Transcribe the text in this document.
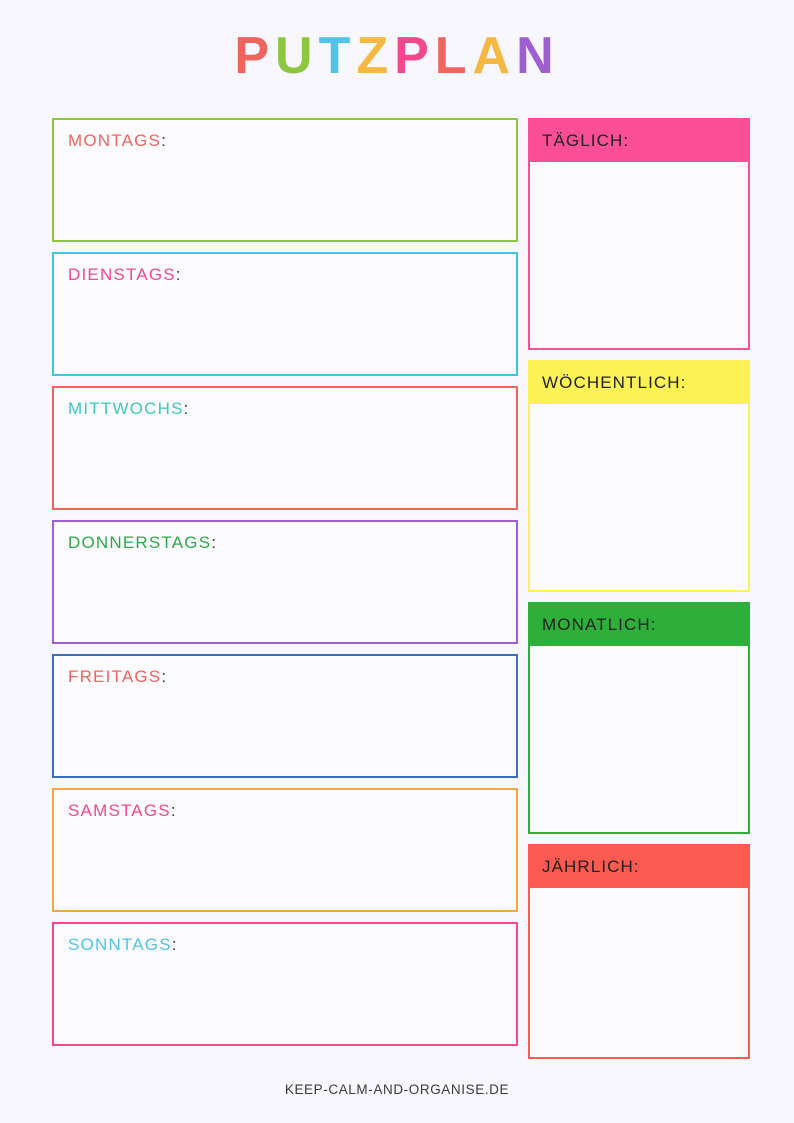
PUTZPLAN
MONTAGS:
DIENSTAGS:
MITTWOCHS:
DONNERSTAGS:
FREITAGS:
SAMSTAGS:
SONNTAGS:
TÄGLICH:
WÖCHENTLICH:
MONATLICH:
JÄHRLICH:
KEEP-CALM-AND-ORGANISE.DE
